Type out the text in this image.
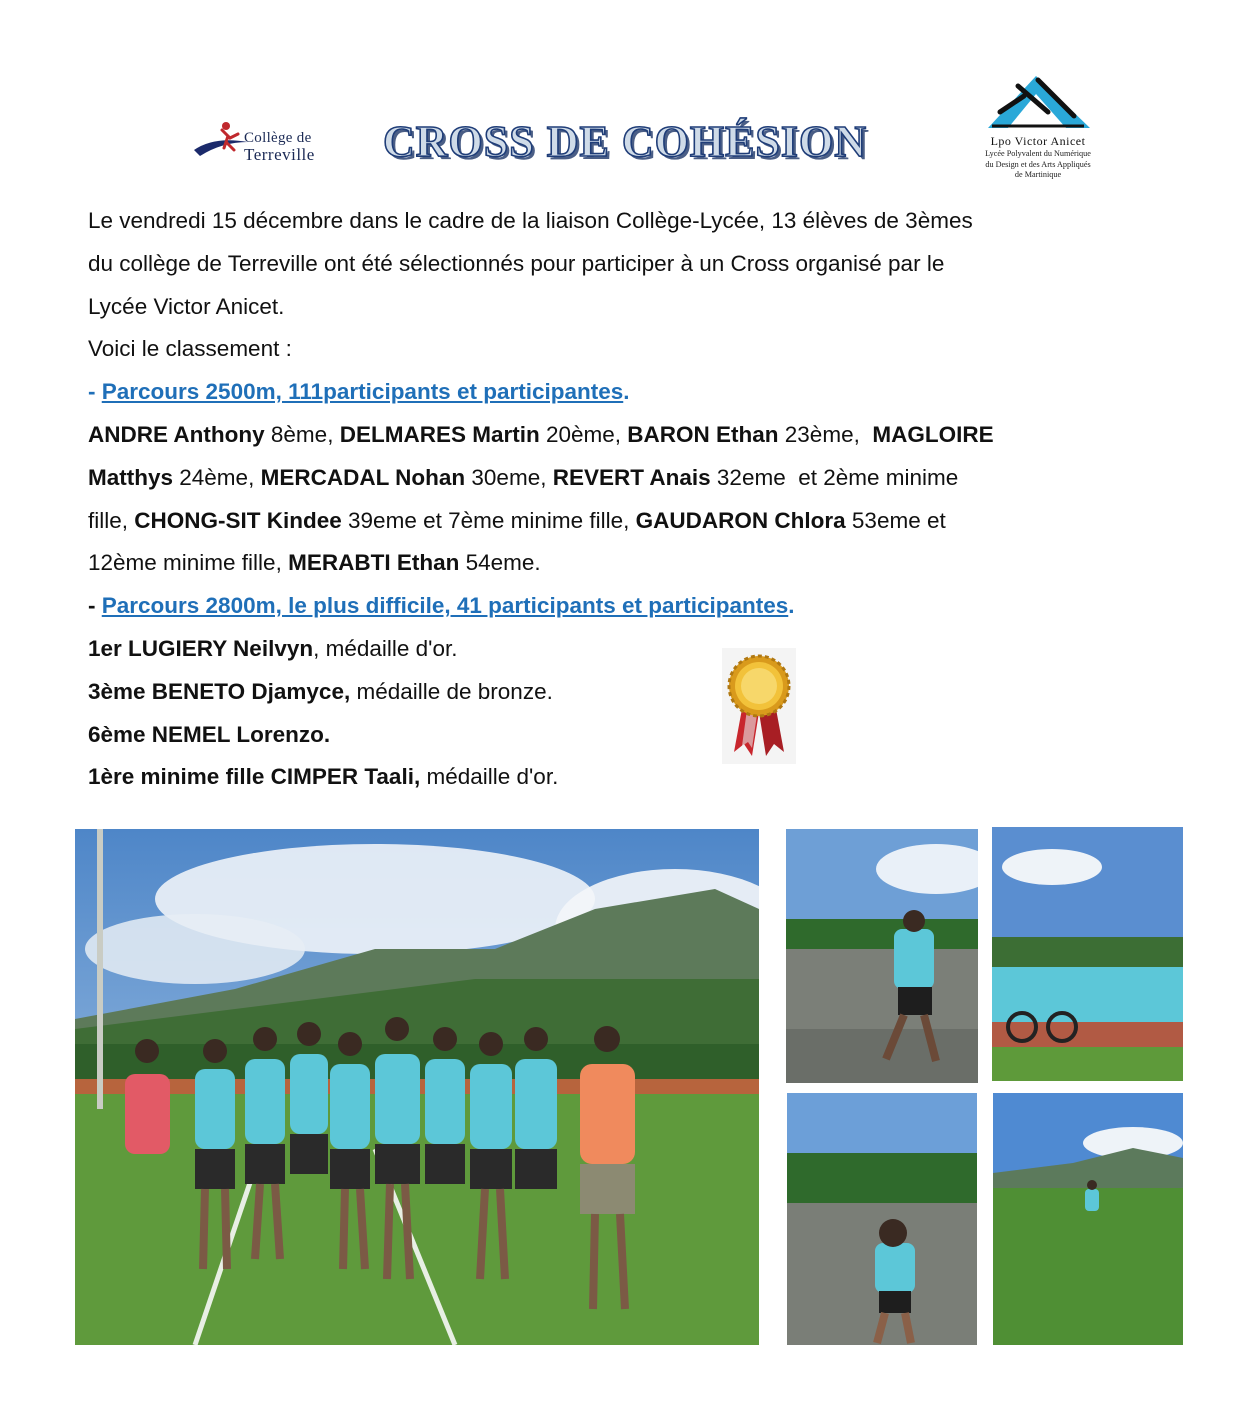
Collège de
Terreville CROSS DE COHÉSION	Lpo Victor Anicet
Lycée Polyvalent du Numérique
du Design et des Arts Appliqués
de Martinique

Le vendredi 15 décembre dans le cadre de la liaison Collège-Lycée, 13 élèves de 3èmes

du collège de Terreville ont été sélectionnés pour participer à un Cross organisé par le

Lycée Victor Anicet.

Voici le classement :

- Parcours 2500m, 111participants et participantes.

ANDRE Anthony 8ème, DELMARES Martin 20ème, BARON Ethan 23ème,  MAGLOIRE

Matthys 24ème, MERCADAL Nohan 30eme, REVERT Anais 32eme  et 2ème minime

fille, CHONG-SIT Kindee 39eme et 7ème minime fille, GAUDARON Chlora 53eme et

12ème minime fille, MERABTI Ethan 54eme.

- Parcours 2800m, le plus difficile, 41 participants et participantes.

1er LUGIERY Neilvyn, médaille d'or.

3ème BENETO Djamyce, médaille de bronze.

6ème NEMEL Lorenzo.

1ère minime fille CIMPER Taali, médaille d'or.
